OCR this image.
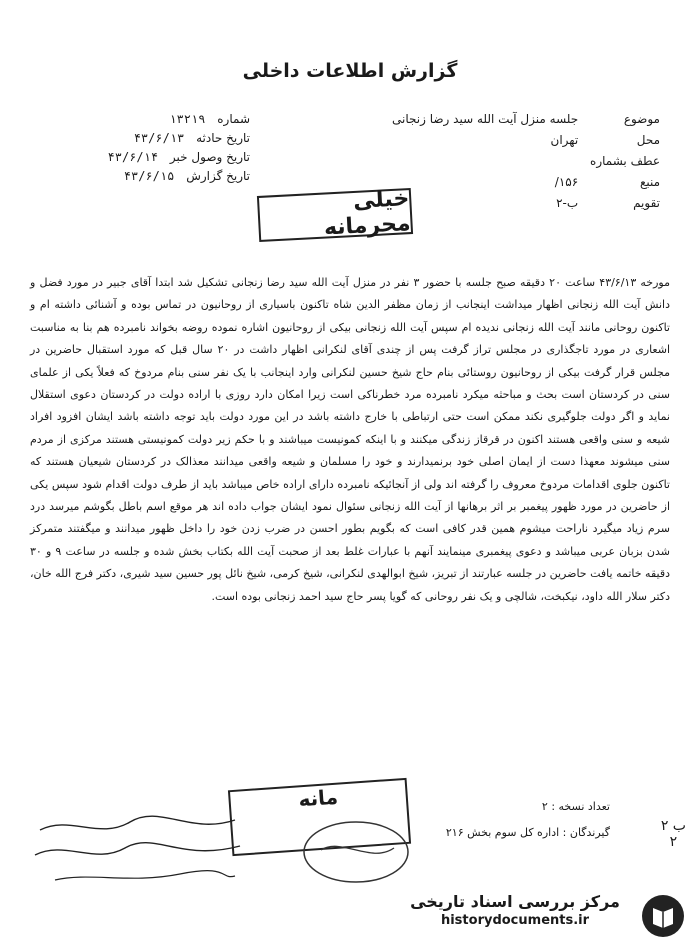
گزارش اطلاعات داخلی
موضوع جلسه منزل آیت الله سید رضا زنجانی
محل تهران
عطف بشماره
منبع ۱۵۶/
تقویم ب-۲
شماره ۱۳۲۱۹
تاریخ حادثه ۴۳/۶/۱۳
تاریخ وصول خبر ۴۳/۶/۱۴
تاریخ گزارش ۴۳/۶/۱۵
خیلی محرمانه

مورخه ۴۳/۶/۱۳ ساعت ۲۰ دقیقه صبح جلسه با حضور ۳ نفر در منزل آیت الله سید رضا زنجانی تشکیل شد ابتدا آقای جبیر در مورد فضل و دانش آیت الله زنجانی اظهار میداشت اینجانب از زمان مظفر الدین شاه تاکنون باسیاری از روحانیون در تماس بوده و آشنائی داشته ام و تاکنون روحانی مانند آیت الله زنجانی ندیده ام سپس آیت الله زنجانی بیکی از روحانیون اشاره نموده روضه بخواند نامبرده هم بنا به مناسبت اشعاری در مورد تاجگذاری در مجلس تراز گرفت پس از چندی آقای لنکرانی اظهار داشت در ۲۰ سال قبل که مورد استقبال حاضرین در مجلس قرار گرفت بیکی از روحانیون روستائی بنام حاج شیخ حسین لنکرانی وارد اینجانب با یک نفر سنی بنام مردوخ که فعلاً یکی از علمای سنی در کردستان است بحث و مباحثه میکرد نامبرده مرد خطرناکی است زیرا امکان دارد روزی با اراده دولت در کردستان دعوی استقلال نماید و اگر دولت جلوگیری نکند ممکن است حتی ارتباطی با خارج داشته باشد در این مورد دولت باید توجه داشته باشد ایشان افزود افراد شیعه و سنی واقعی هستند اکنون در قرقاز زندگی میکنند و با اینکه کمونیست میباشند و با حکم زیر دولت کمونیستی هستند مرکزی از مردم سنی میشوند معهذا دست از ایمان اصلی خود برنمیدارند و خود را مسلمان و شیعه واقعی میدانند معذالک در کردستان شیعیان هستند که تاکنون جلوی اقدامات مردوخ معروف را گرفته اند ولی از آنجائیکه نامبرده دارای اراده خاص میباشد باید از طرف دولت اقدام شود سپس یکی از حاضرین در مورد ظهور پیغمبر بر اثر برهانها از آیت الله زنجانی سئوال نمود ایشان جواب داده اند هر موقع اسم باطل بگوشم میرسد درد سرم زیاد میگیرد ناراحت میشوم همین قدر کافی است که بگویم بطور احسن در ضرب زدن خود را داخل ظهور میدانند و میگفتند متمرکز شدن بزبان عربی میباشد و دعوی پیغمبری مینمایند آنهم با عبارات غلط بعد از صحبت آیت الله بکتاب بخش شده و جلسه در ساعت ۹ و ۳۰ دقیقه خاتمه یافت حاضرین در جلسه عبارتند از تبریز، شیخ ابوالهدی لنکرانی، شیخ کرمی، شیخ نائل پور حسین سید شیری، دکتر فرج الله خان، دکتر سلار الله داود، نیکبخت، شالچی و یک نفر روحانی که گویا پسر حاج سید احمد زنجانی بوده است.

مانه	تعداد نسخه : ۲
گیرندگان : اداره کل سوم بخش ۲۱۶	ب ۲
۲
مرکز بررسی اسناد تاریخی
historydocuments.ir
